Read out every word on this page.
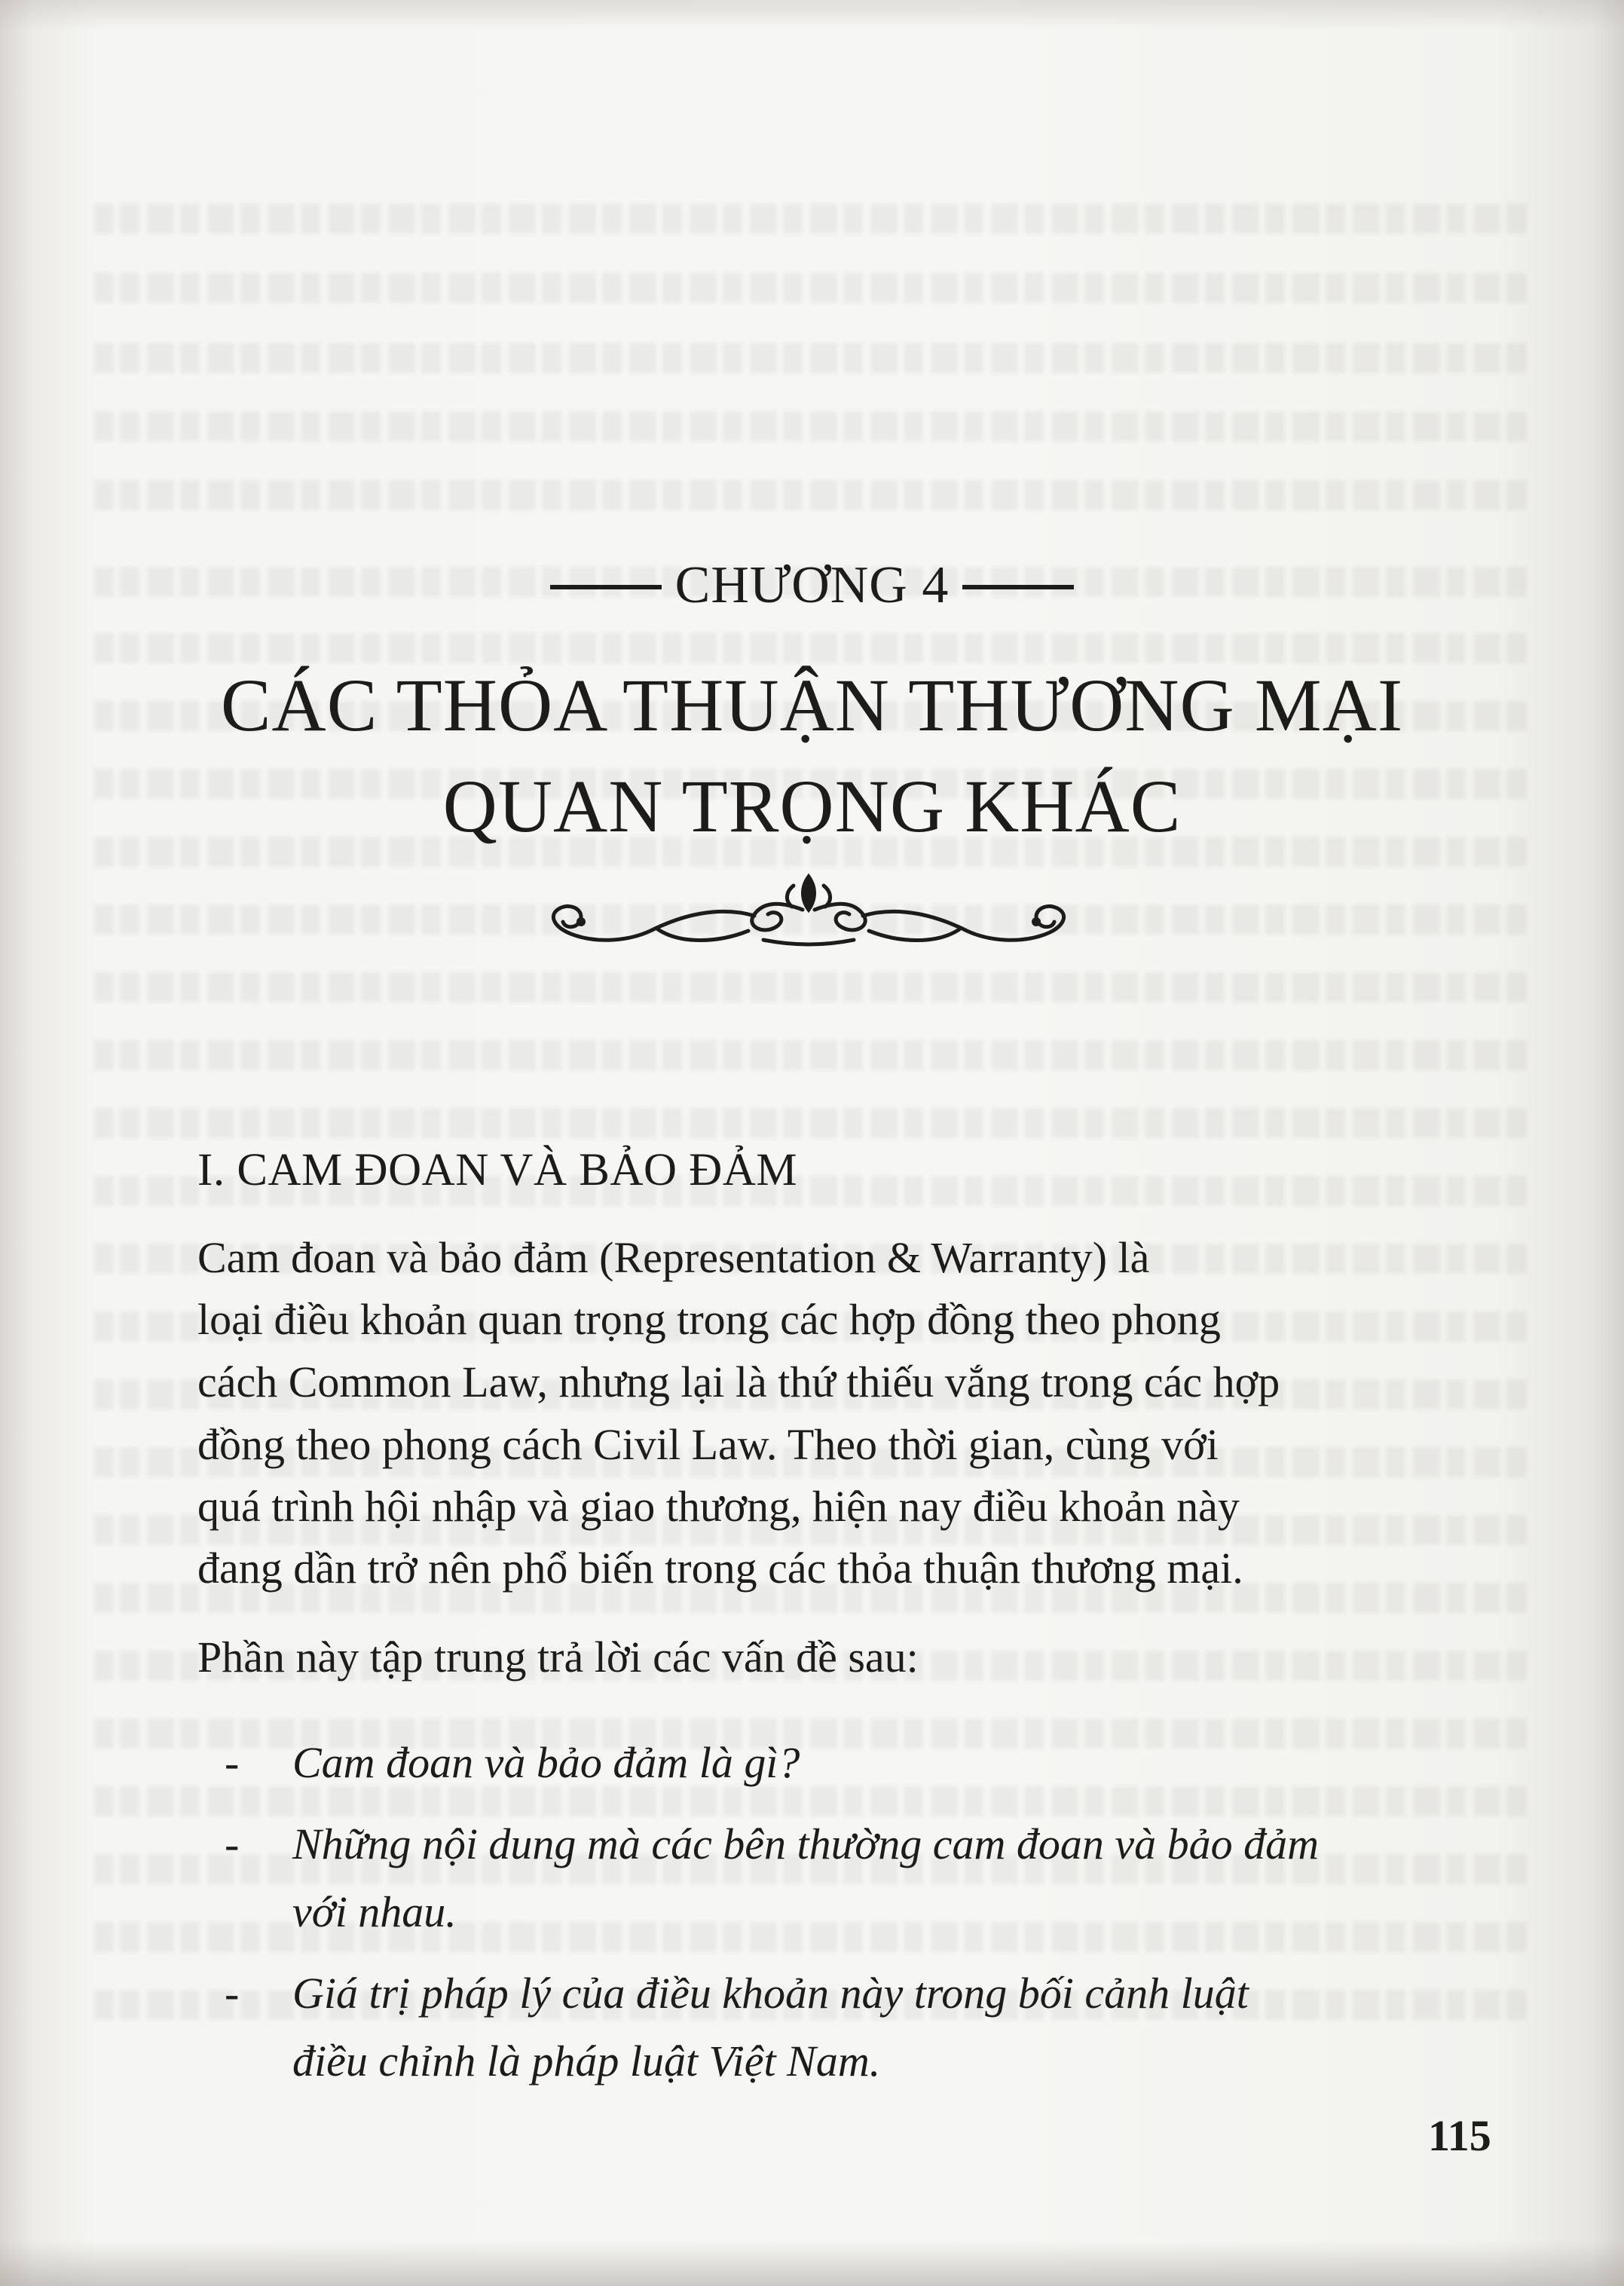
CHƯƠNG 4
CÁC THỎA THUẬN THƯƠNG MẠI
QUAN TRỌNG KHÁC
I. CAM ĐOAN VÀ BẢO ĐẢM
Cam đoan và bảo đảm (Representation & Warranty) là
loại điều khoản quan trọng trong các hợp đồng theo phong
cách Common Law, nhưng lại là thứ thiếu vắng trong các hợp
đồng theo phong cách Civil Law. Theo thời gian, cùng với
quá trình hội nhập và giao thương, hiện nay điều khoản này
đang dần trở nên phổ biến trong các thỏa thuận thương mại.
Phần này tập trung trả lời các vấn đề sau:
- Cam đoan và bảo đảm là gì?
- Những nội dung mà các bên thường cam đoan và bảo đảm
với nhau.
- Giá trị pháp lý của điều khoản này trong bối cảnh luật
điều chỉnh là pháp luật Việt Nam.
115
